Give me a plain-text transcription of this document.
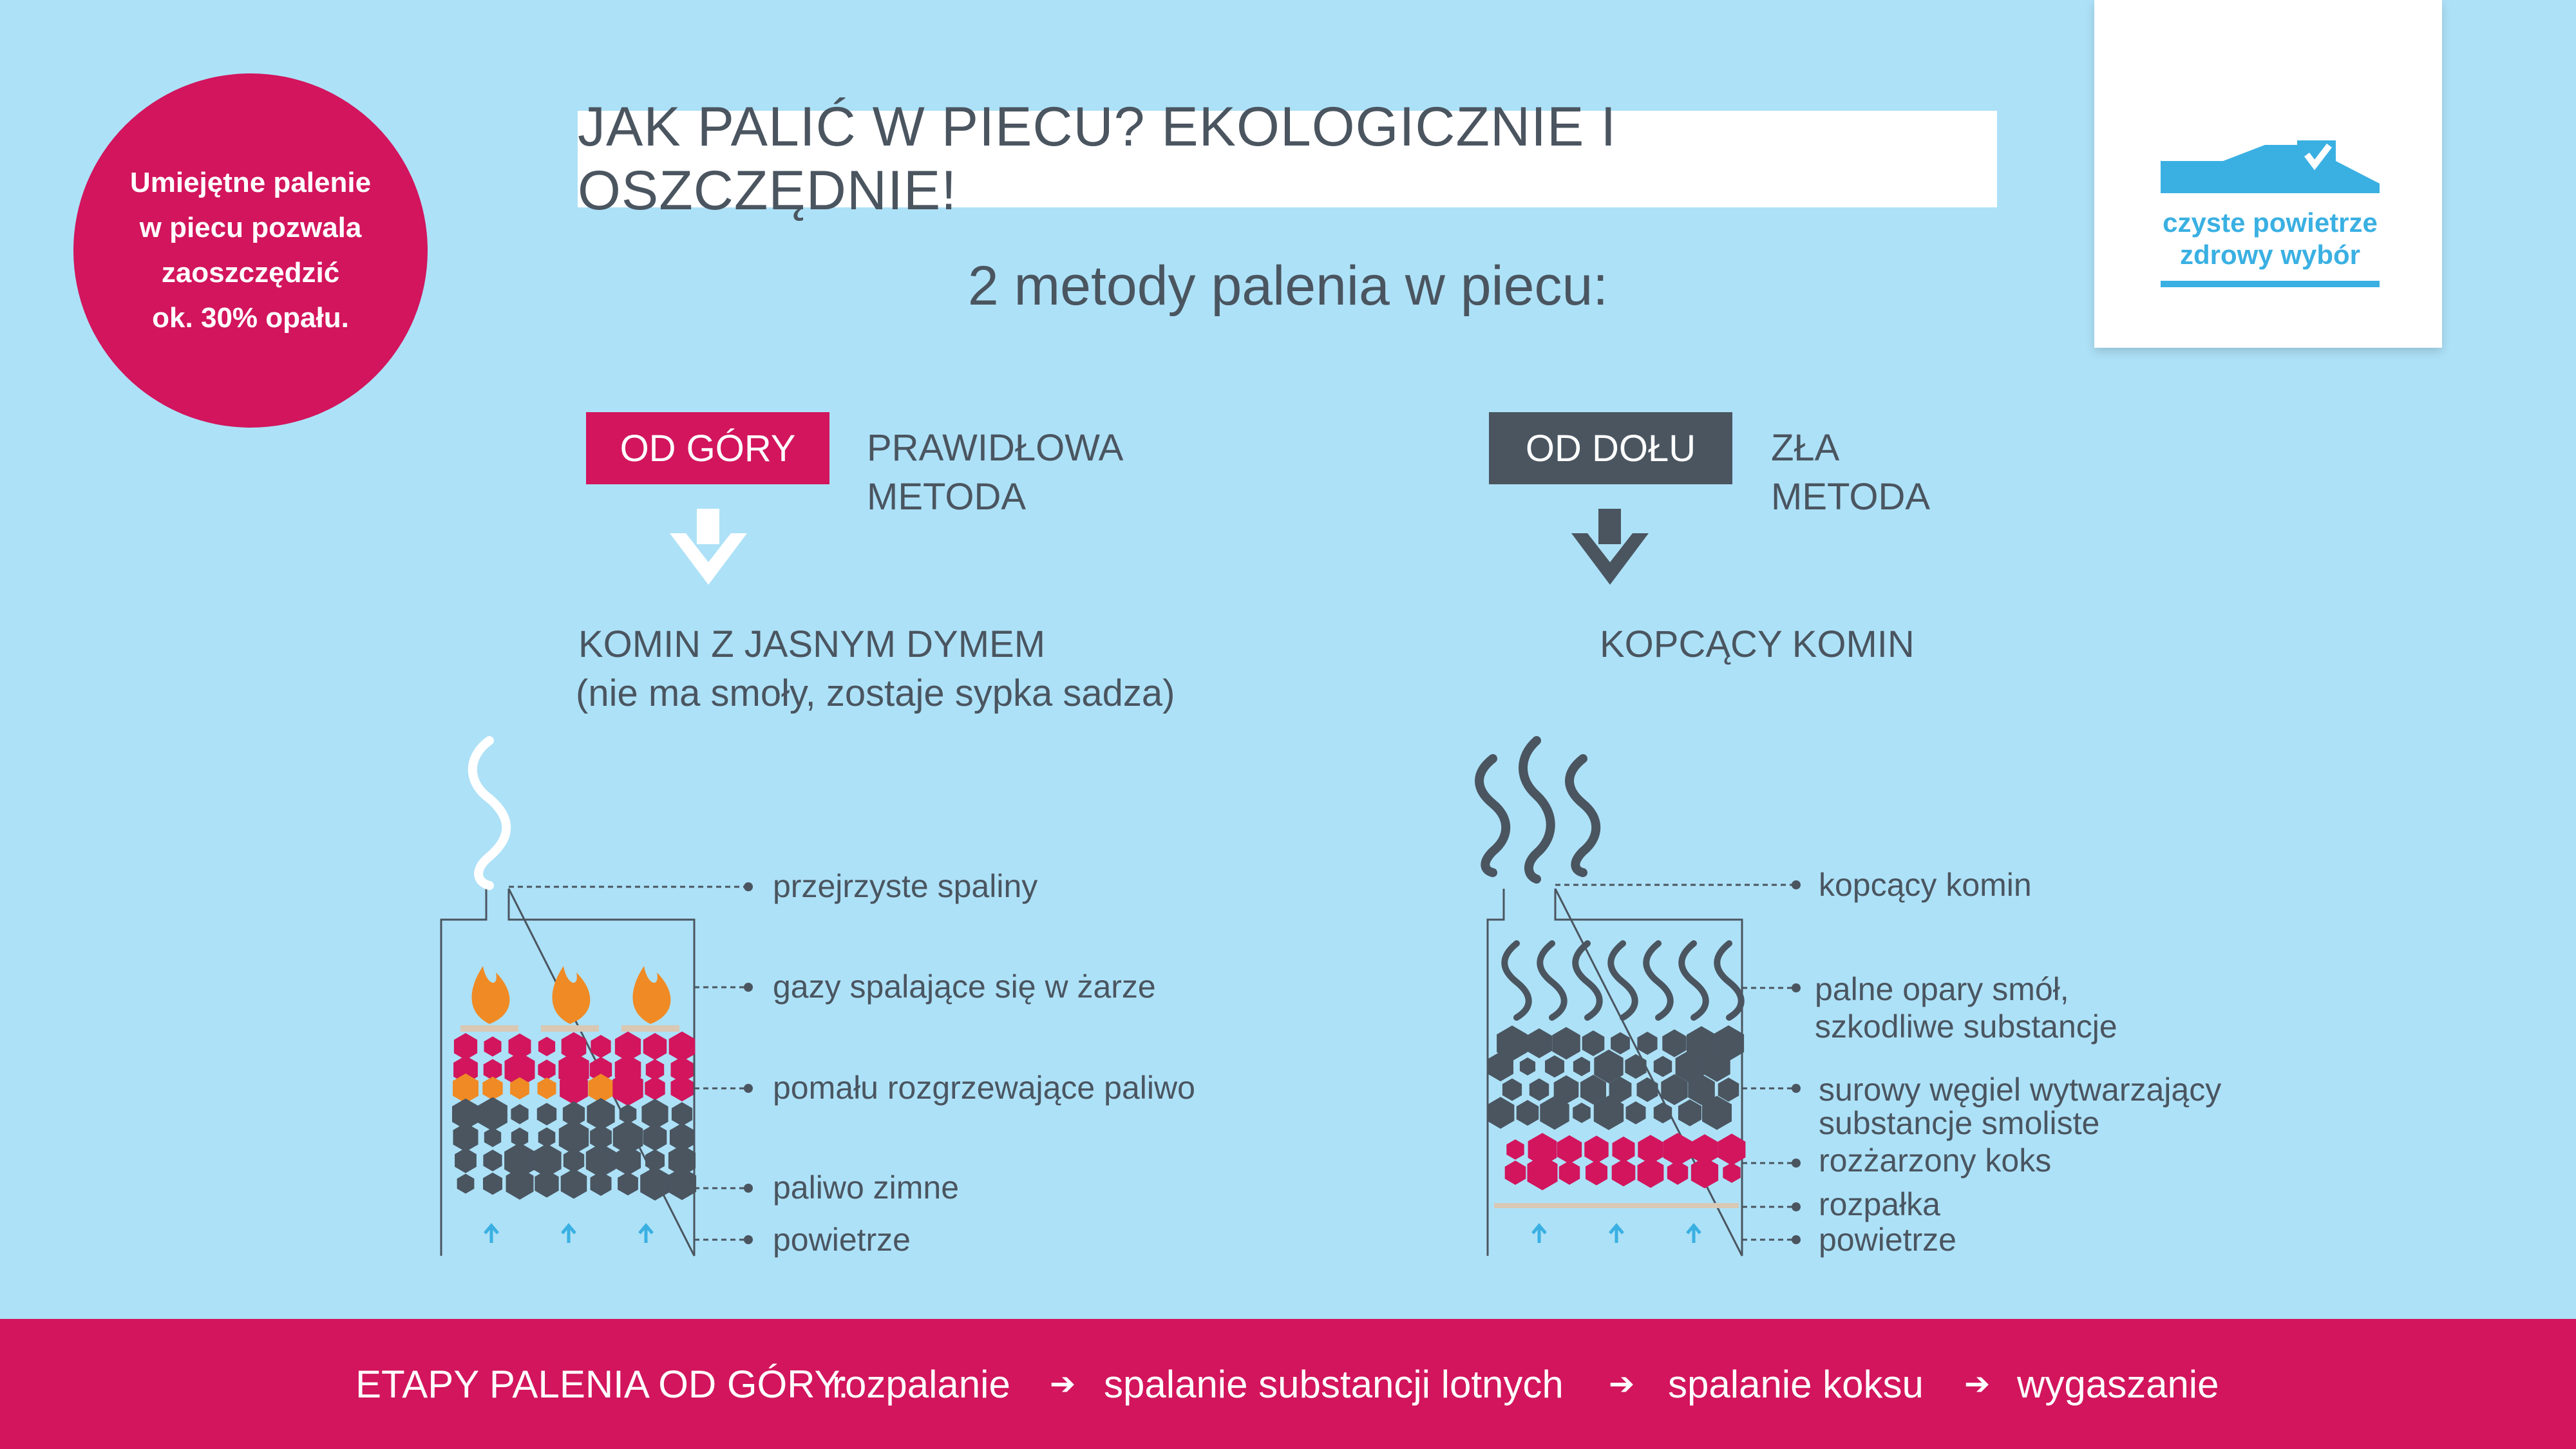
Umiejętne palenie
w piecu pozwala
zaoszczędzić
ok. 30% opału.
JAK PALIĆ W PIECU? EKOLOGICZNIE I OSZCZĘDNIE!
2 metody palenia w piecu:
czyste powietrze
zdrowy wybór
OD GÓRY	PRAWIDŁOWA
METODA
KOMIN Z JASNYM DYMEM
(nie ma smoły, zostaje sypka sadza)
OD DOŁU	ZŁA
METODA
KOPCĄCY KOMIN
przejrzyste spaliny
gazy spalające się w żarze
pomału rozgrzewające paliwo
paliwo zimne
powietrze
kopcący komin
palne opary smół,
szkodliwe substancje
surowy węgiel wytwarzający
substancje smoliste
rozżarzony koks
rozpałka
powietrze
ETAPY PALENIA OD GÓRY:
rozpalanie ➔ spalanie substancji lotnych ➔ spalanie koksu ➔ wygaszanie
